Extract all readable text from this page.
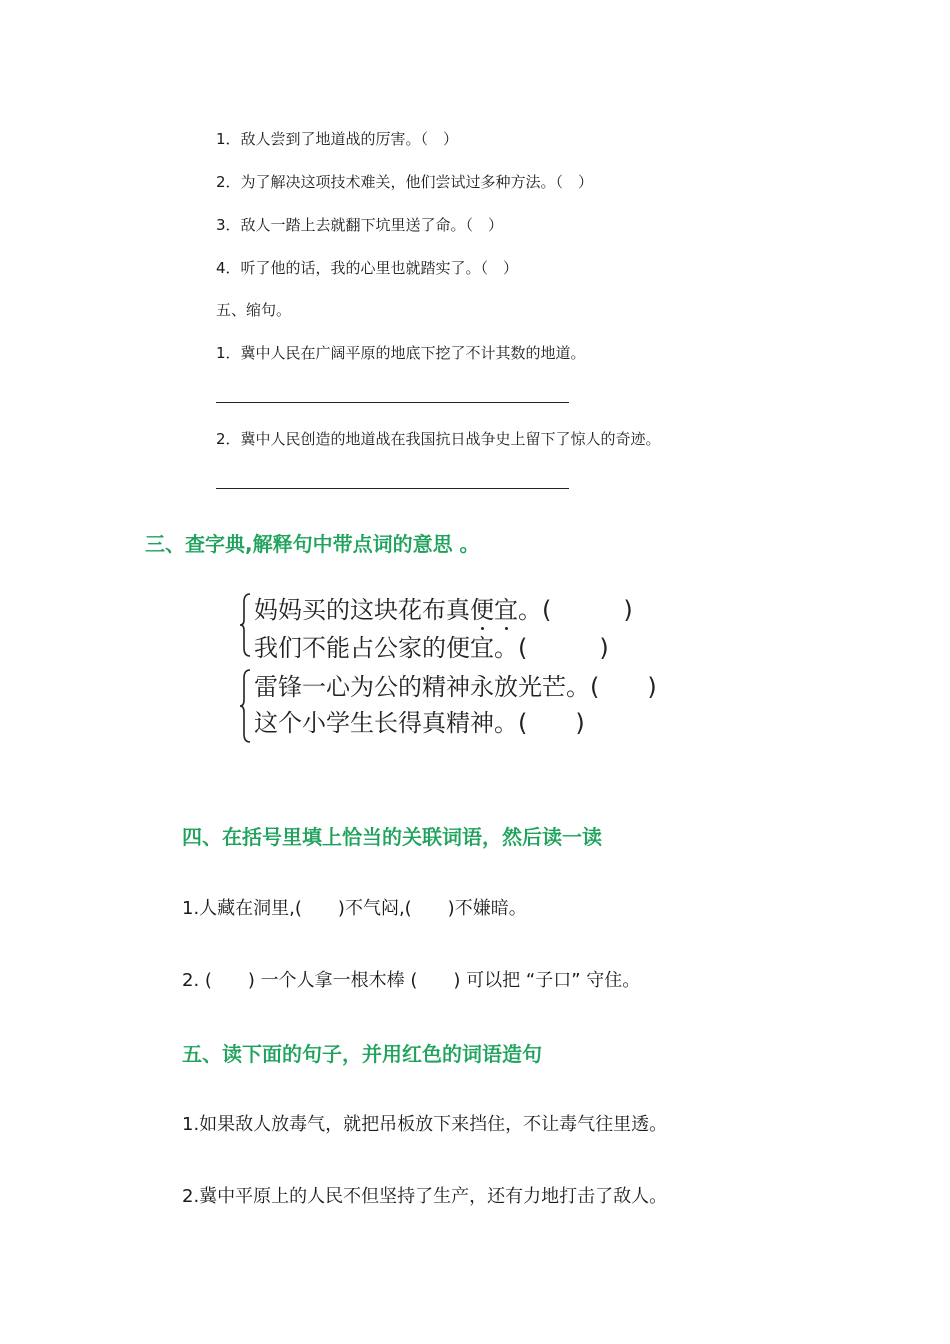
1．敌人尝到了地道战的厉害。（　）
2．为了解决这项技术难关，他们尝试过多种方法。（　）
3．敌人一踏上去就翻下坑里送了命。（　）
4．听了他的话，我的心里也就踏实了。（　）
五、缩句。
1．冀中人民在广阔平原的地底下挖了不计其数的地道。
2．冀中人民创造的地道战在我国抗日战争史上留下了惊人的奇迹。
三、查字典,解释句中带点词的意思 。
妈妈买的这块花布真便宜。(　　　)
我们不能占公家的便宜。(　　　)
雷锋一心为公的精神永放光芒。(　　)
这个小学生长得真精神。(　　)
四、在括号里填上恰当的关联词语，然后读一读
1.人藏在洞里,(　　)不气闷,(　　)不嫌暗。
2. (　　) 一个人拿一根木棒 (　　) 可以把 “子口” 守住。
五、读下面的句子，并用红色的词语造句
1.如果敌人放毒气，就把吊板放下来挡住，不让毒气往里透。
2.冀中平原上的人民不但坚持了生产，还有力地打击了敌人。
